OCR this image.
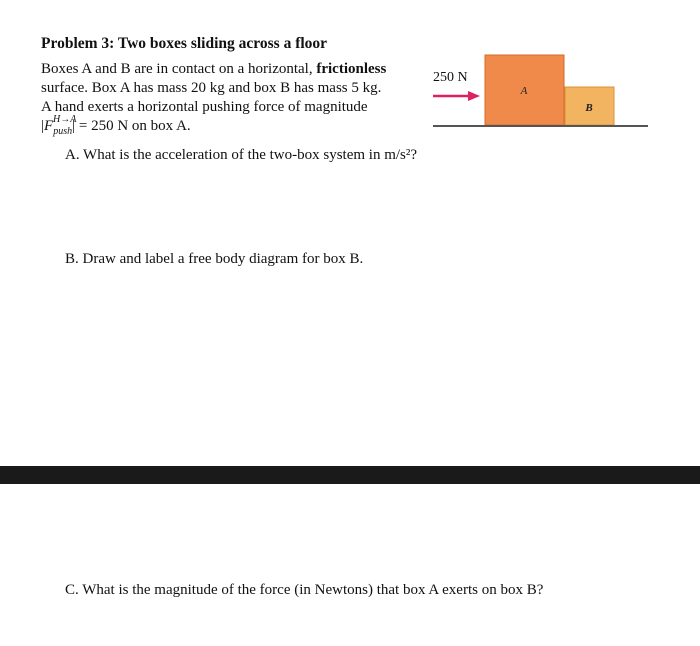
Problem 3: Two boxes sliding across a floor
Boxes A and B are in contact on a horizontal, frictionless
surface. Box A has mass 20 kg and box B has mass 5 kg.
A hand exerts a horizontal pushing force of magnitude
|F H→A
$_{push}$| = 250 N on box A.
250 N
A
B
A. What is the acceleration of the two-box system in m/s²?
B. Draw and label a free body diagram for box B.
C. What is the magnitude of the force (in Newtons) that box A exerts on box B?
